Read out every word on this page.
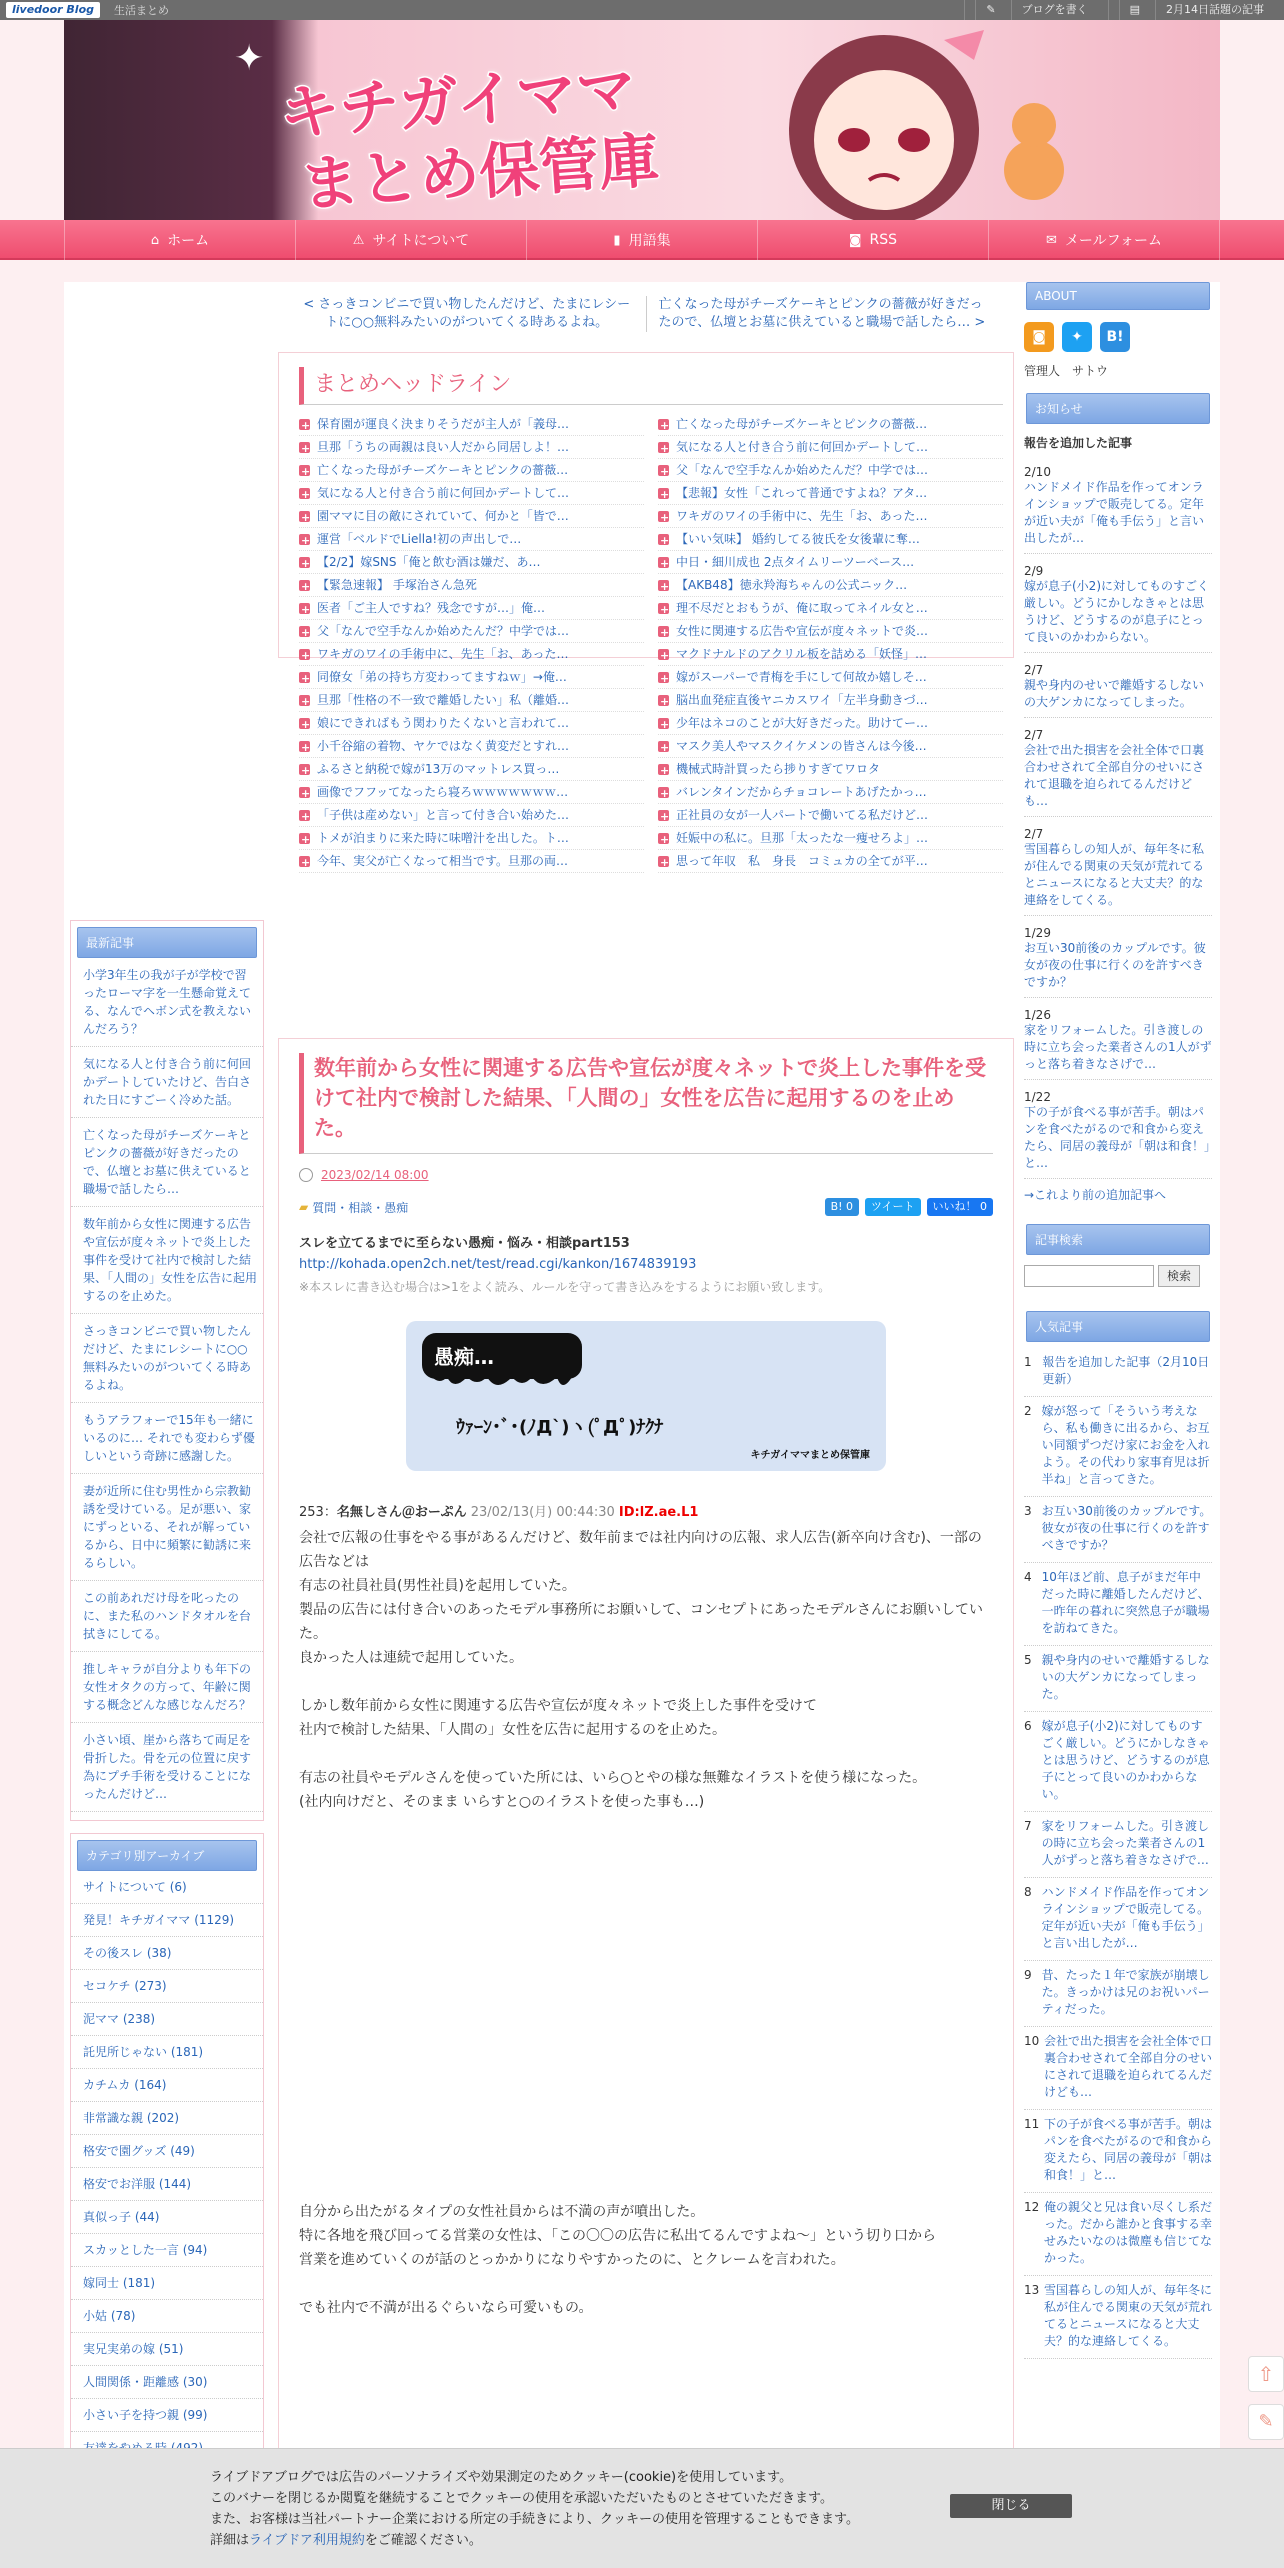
livedoor Blog	生活まとめ	✎	ブログを書く	▤	2月14日話題の記事
✦ キチガイママ
まとめ保管庫
⌂ ホーム	⚠ サイトについて	▮ 用語集	◙ RSS	✉ メールフォーム
最新記事
小学3年生の我が子が学校で習ったローマ字を一生懸命覚えてる、なんでヘボン式を教えないんだろう？
気になる人と付き合う前に何回かデートしていたけど、告白された日にすごーく冷めた話。
亡くなった母がチーズケーキとピンクの薔薇が好きだったので、仏壇とお墓に供えていると職場で話したら…
数年前から女性に関連する広告や宣伝が度々ネットで炎上した事件を受けて社内で検討した結果、「人間の」女性を広告に起用するのを止めた。
さっきコンビニで買い物したんだけど、たまにレシートに○○無料みたいのがついてくる時あるよね。
もうアラフォーで15年も一緒にいるのに… それでも変わらず優しいという奇跡に感謝した。
妻が近所に住む男性から宗教勧誘を受けている。足が悪い、家にずっといる、それが解っているから、日中に頻繁に勧誘に来るらしい。
この前あれだけ母を叱ったのに、また私のハンドタオルを台拭きにしてる。
推しキャラが自分よりも年下の女性オタクの方って、年齢に関する概念どんな感じなんだろ？
小さい頃、崖から落ちて両足を骨折した。骨を元の位置に戻す為にプチ手術を受けることになったんだけど…
カテゴリ別アーカイブ
サイトについて (6)
発見！キチガイママ (1129)
その後スレ (38)
セコケチ (273)
泥ママ (238)
託児所じゃない (181)
カチムカ (164)
非常識な親 (202)
格安で園グッズ (49)
格安でお洋服 (144)
真似っ子 (44)
スカッとした一言 (94)
嫁同士 (181)
小姑 (78)
実兄実弟の嫁 (51)
人間関係・距離感 (30)
小さい子を持つ親 (99)
< さっきコンビニで買い物したんだけど、たまにレシートに○○無料みたいのがついてくる時あるよね。
亡くなった母がチーズケーキとピンクの薔薇が好きだったので、仏壇とお墓に供えていると職場で話したら… >
まとめヘッドライン
保育園が運良く決まりそうだが主人が「義母… +	亡くなった母がチーズケーキとピンクの薔薇… +
旦那「うちの両親は良い人だから同居しよ！… +	気になる人と付き合う前に何回かデートして… +
亡くなった母がチーズケーキとピンクの薔薇… +	父「なんで空手なんか始めたんだ？中学では… +
気になる人と付き合う前に何回かデートして… +	【悲報】女性「これって普通ですよね？アタ… +
園ママに目の敵にされていて、何かと「皆で… +	ワキガのワイの手術中に、先生「お、あった… +
運営「ベルドでLiella!初の声出しで… +	【いい気味】 婚約してる彼氏を女後輩に奪… +
【2/2】嫁SNS「俺と飲む酒は嫌だ、あ… +	中日・細川成也 2点タイムリーツーベース… +
【緊急速報】 手塚治さん急死 +	【AKB48】徳永羚海ちゃんの公式ニック… +
医者「ご主人ですね？残念ですが…」俺… +	理不尽だとおもうが、俺に取ってネイル女と… +
父「なんで空手なんか始めたんだ？中学では… +	女性に関連する広告や宣伝が度々ネットで炎… +
ワキガのワイの手術中に、先生「お、あった… +	マクドナルドのアクリル板を詰める「妖怪」… +
同僚女「弟の持ち方変わってますねｗ」→俺… +	嫁がスーパーで青梅を手にして何故か嬉しそ… +
旦那「性格の不一致で離婚したい」私（離婚… +	脳出血発症直後ヤニカスワイ「左半身動きづ… +
娘にできればもう関わりたくないと言われて… +	少年はネコのことが大好きだった。助けてー… +
小千谷縮の着物、ヤケではなく黄変だとすれ… +	マスク美人やマスクイケメンの皆さんは今後… +
ふるさと納税で嫁が13万のマットレス買っ… +	機械式時計買ったら捗りすぎてワロタ +
画像でフフッてなったら寝ろｗｗｗｗｗｗｗ… +	バレンタインだからチョコレートあげたかっ… +
「子供は産めない」と言って付き合い始めた… +	正社員の女が一人パートで働いてる私だけど… +
トメが泊まりに来た時に味噌汁を出した。ト… +	妊娠中の私に。旦那「太ったな一痩せろよ」… +
今年、実父が亡くなって相当です。旦那の両… +	思って年収　私　身長　コミュカの全てが平… +
数年前から女性に関連する広告や宣伝が度々ネットで炎上した事件を受けて社内で検討した結果、「人間の」女性を広告に起用するのを止めた。
2023/02/14 08:00
▰ 質問・相談・愚痴	B! 0	ツイート	いいね！ 0
スレを立てるまでに至らない愚痴・悩み・相談part153
http://kohada.open2ch.net/test/read.cgi/kankon/1674839193
※本スレに書き込む場合は>1をよく読み、ルールを守って書き込みをするようにお願い致します。
愚痴…
ｳｧｰﾝ･ﾞ･(ﾉД`)ヽ(ﾟДﾟ)ﾅｸﾅ
キチガイママまとめ保管庫
253：名無しさん＠おーぷん 23/02/13(月) 00:44:30 ID:lZ.ae.L1

会社で広報の仕事をやる事があるんだけど、数年前までは社内向けの広報、求人広告(新卒向け含む)、一部の広告などは

有志の社員社員(男性社員)を起用していた。

製品の広告には付き合いのあったモデル事務所にお願いして、コンセプトにあったモデルさんにお願いしていた。

良かった人は連続で起用していた。

しかし数年前から女性に関連する広告や宣伝が度々ネットで炎上した事件を受けて

社内で検討した結果、「人間の」女性を広告に起用するのを止めた。

有志の社員やモデルさんを使っていた所には、いら○とやの様な無難なイラストを使う様になった。

(社内向けだと、そのまま いらすと○のイラストを使った事も…)

自分から出たがるタイプの女性社員からは不満の声が噴出した。

特に各地を飛び回ってる営業の女性は、「この〇〇の広告に私出てるんですよね～」という切り口から

営業を進めていくのが話のとっかかりになりやすかったのに、とクレームを言われた。

でも社内で不満が出るぐらいなら可愛いもの。

ABOUT
◙	✦	B!
管理人　サトウ
お知らせ
報告を追加した記事
2/10
ハンドメイド作品を作ってオンラインショップで販売してる。定年が近い夫が「俺も手伝う」と言い出したが…
2/9
嫁が息子(小2)に対してものすごく厳しい。どうにかしなきゃとは思うけど、どうするのが息子にとって良いのかわからない。
2/7
親や身内のせいで離婚するしないの大ゲンカになってしまった。
2/7
会社で出た損害を会社全体で口裏合わせされて全部自分のせいにされて退職を迫られてるんだけども…
2/7
雪国暮らしの知人が、毎年冬に私が住んでる関東の天気が荒れてるとニュースになると大丈夫？的な連絡をしてくる。
1/29
お互い30前後のカップルです。彼女が夜の仕事に行くのを許すべきですか？
1/26
家をリフォームした。引き渡しの時に立ち会った業者さんの1人がずっと落ち着きなさげで…
1/22
下の子が食べる事が苦手。朝はパンを食べたがるので和食から変えたら、同居の義母が「朝は和食！」と…
→これより前の追加記事へ
記事検索
検索
人気記事
1 報告を追加した記事（2月10日更新）
2 嫁が怒って「そういう考えなら、私も働きに出るから、お互い同額ずつだけ家にお金を入れよう。その代わり家事育児は折半ね」と言ってきた。
3 お互い30前後のカップルです。彼女が夜の仕事に行くのを許すべきですか？
4 10年ほど前、息子がまだ年中だった時に離婚したんだけど、一昨年の暮れに突然息子が職場を訪ねてきた。
5 親や身内のせいで離婚するしないの大ゲンカになってしまった。
6 嫁が息子(小2)に対してものすごく厳しい。どうにかしなきゃとは思うけど、どうするのが息子にとって良いのかわからない。
7 家をリフォームした。引き渡しの時に立ち会った業者さんの1人がずっと落ち着きなさげで…
8 ハンドメイド作品を作ってオンラインショップで販売してる。定年が近い夫が「俺も手伝う」と言い出したが…
9 昔、たった１年で家族が崩壊した。きっかけは兄のお祝いパーティだった。
10 会社で出た損害を会社全体で口裏合わせされて全部自分のせいにされて退職を迫られてるんだけども…
11 下の子が食べる事が苦手。朝はパンを食べたがるので和食から変えたら、同居の義母が「朝は和食！」と…
12 俺の親父と兄は食い尽くし系だった。だから誰かと食事する幸せみたいなのは微塵も信じてなかった。
13 雪国暮らしの知人が、毎年冬に私が住んでる関東の天気が荒れてるとニュースになると大丈夫？的な連絡してくる。
⇧
✎
ライブドアブログでは広告のパーソナライズや効果測定のためクッキー(cookie)を使用しています。
このバナーを閉じるか閲覧を継続することでクッキーの使用を承認いただいたものとさせていただきます。
また、お客様は当社パートナー企業における所定の手続きにより、クッキーの使用を管理することもできます。
詳細はライブドア利用規約をご確認ください。
閉じる
